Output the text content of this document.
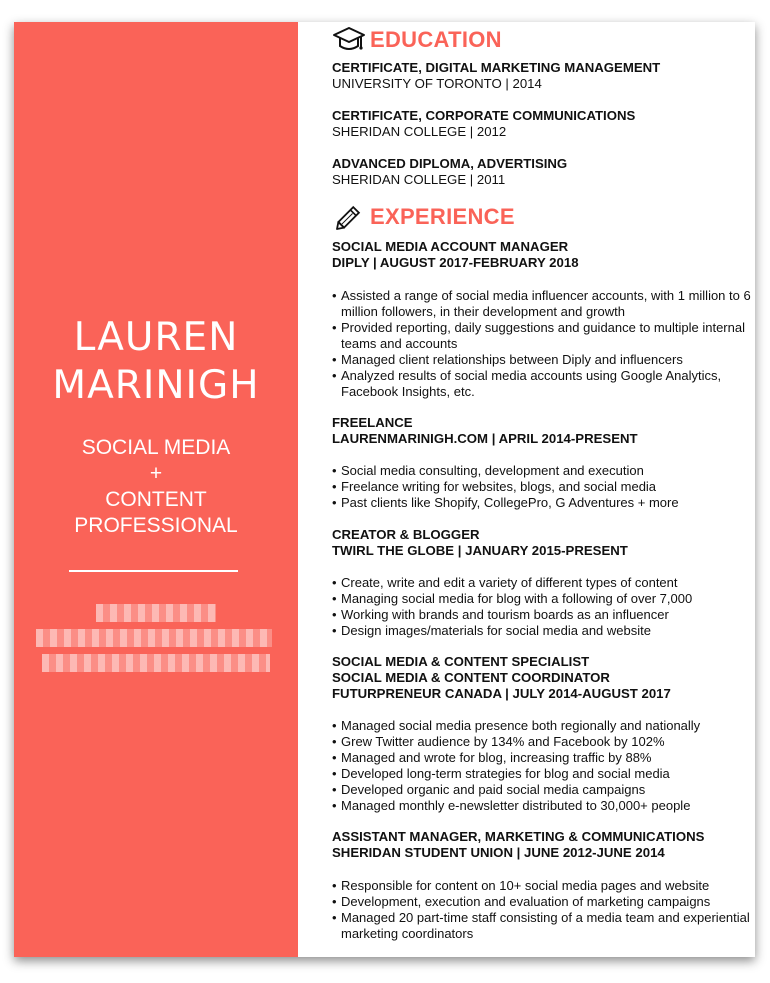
LAUREN
MARINIGH
SOCIAL MEDIA
+
CONTENT
PROFESSIONAL
EDUCATION
CERTIFICATE, DIGITAL MARKETING MANAGEMENT
UNIVERSITY OF TORONTO | 2014
CERTIFICATE, CORPORATE COMMUNICATIONS
SHERIDAN COLLEGE | 2012
ADVANCED DIPLOMA, ADVERTISING
SHERIDAN COLLEGE | 2011
EXPERIENCE
SOCIAL MEDIA ACCOUNT MANAGER
DIPLY | AUGUST 2017-FEBRUARY 2018
• Assisted a range of social media influencer accounts, with 1 million to 6 million followers, in their development and growth
• Provided reporting, daily suggestions and guidance to multiple internal teams and accounts
• Managed client relationships between Diply and influencers
• Analyzed results of social media accounts using Google Analytics, Facebook Insights, etc.
FREELANCE
LAURENMARINIGH.COM | APRIL 2014-PRESENT
• Social media consulting, development and execution
• Freelance writing for websites, blogs, and social media
• Past clients like Shopify, CollegePro, G Adventures + more
CREATOR & BLOGGER
TWIRL THE GLOBE | JANUARY 2015-PRESENT
• Create, write and edit a variety of different types of content
• Managing social media for blog with a following of over 7,000
• Working with brands and tourism boards as an influencer
• Design images/materials for social media and website
SOCIAL MEDIA & CONTENT SPECIALIST
SOCIAL MEDIA & CONTENT COORDINATOR
FUTURPRENEUR CANADA | JULY 2014-AUGUST 2017
• Managed social media presence both regionally and nationally
• Grew Twitter audience by 134% and Facebook by 102%
• Managed and wrote for blog, increasing traffic by 88%
• Developed long-term strategies for blog and social media
• Developed organic and paid social media campaigns
• Managed monthly e-newsletter distributed to 30,000+ people
ASSISTANT MANAGER, MARKETING & COMMUNICATIONS
SHERIDAN STUDENT UNION | JUNE 2012-JUNE 2014
• Responsible for content on 10+ social media pages and website
• Development, execution and evaluation of marketing campaigns
• Managed 20 part-time staff consisting of a media team and experiential marketing coordinators
